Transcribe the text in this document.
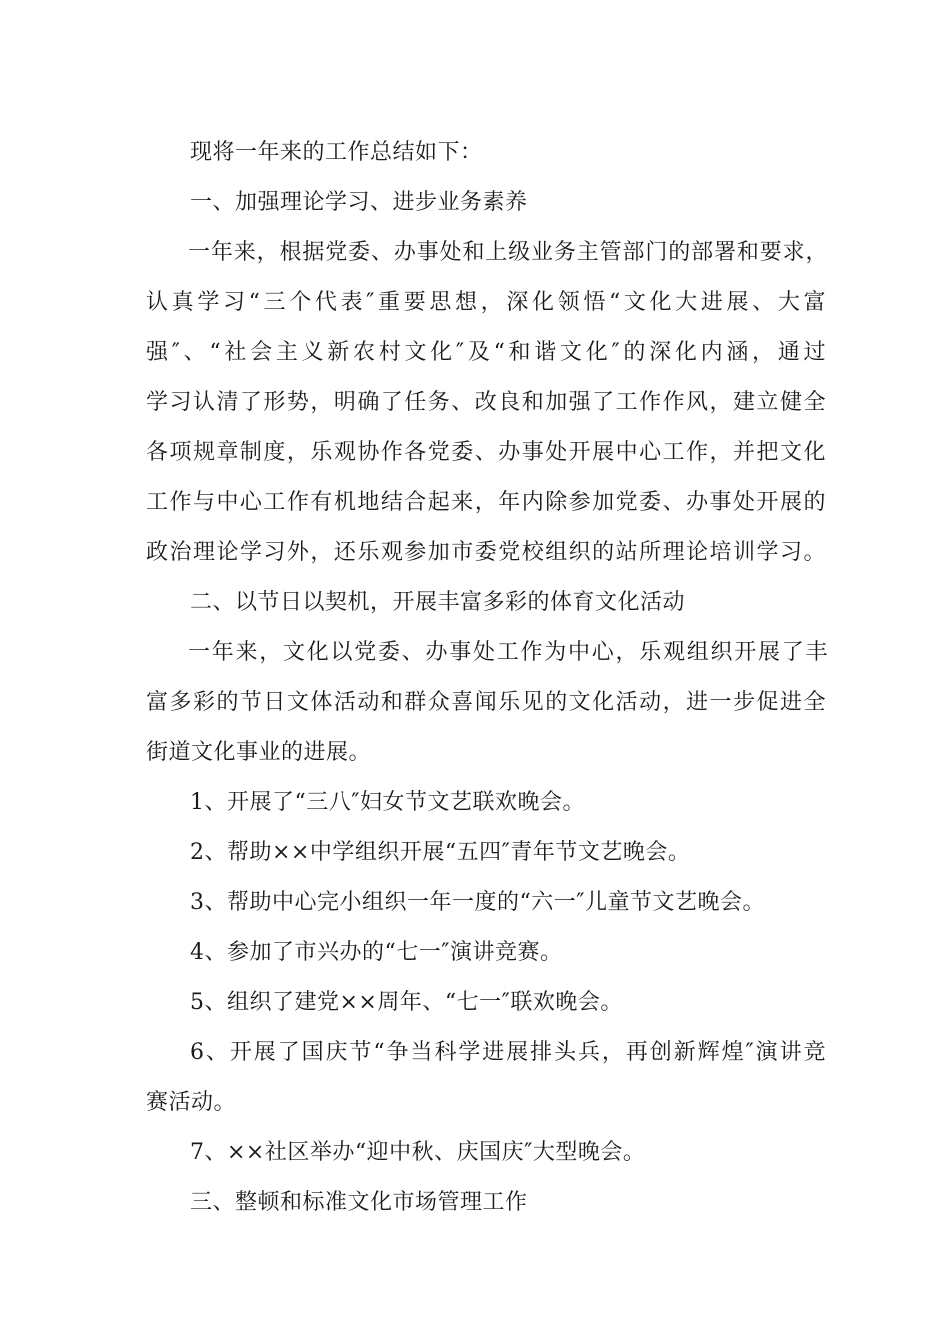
现将一年来的工作总结如下：
一、加强理论学习、进步业务素养
一年来，根据党委、办事处和上级业务主管部门的部署和要求，
认真学习“三个代表″重要思想，深化领悟“文化大进展、大富
强″、“社会主义新农村文化″及“和谐文化″的深化内涵，通过
学习认清了形势，明确了任务、改良和加强了工作作风，建立健全
各项规章制度，乐观协作各党委、办事处开展中心工作，并把文化
工作与中心工作有机地结合起来，年内除参加党委、办事处开展的
政治理论学习外，还乐观参加市委党校组织的站所理论培训学习。
二、以节日以契机，开展丰富多彩的体育文化活动
一年来，文化以党委、办事处工作为中心，乐观组织开展了丰
富多彩的节日文体活动和群众喜闻乐见的文化活动，进一步促进全
街道文化事业的进展。
1、开展了“三八″妇女节文艺联欢晚会。
2、帮助××中学组织开展“五四″青年节文艺晚会。
3、帮助中心完小组织一年一度的“六一″儿童节文艺晚会。
4、参加了市兴办的“七一″演讲竞赛。
5、组织了建党××周年、“七一″联欢晚会。
6、开展了国庆节“争当科学进展排头兵，再创新辉煌″演讲竞
赛活动。
7、××社区举办“迎中秋、庆国庆″大型晚会。
三、整顿和标准文化市场管理工作
